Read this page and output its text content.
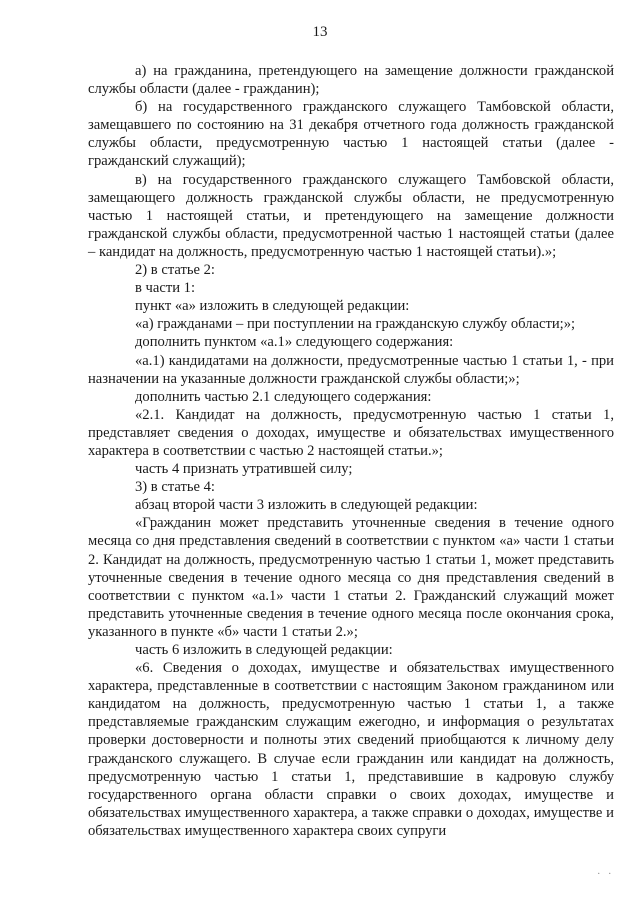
13

а) на гражданина, претендующего на замещение должности гражданской службы области (далее - гражданин);

б) на государственного гражданского служащего Тамбовской области, замещавшего по состоянию на 31 декабря отчетного года должность гражданской службы области, предусмотренную частью 1 настоящей статьи (далее - гражданский служащий);

в) на государственного гражданского служащего Тамбовской области, замещающего должность гражданской службы области, не предусмотренную частью 1 настоящей статьи, и претендующего на замещение должности гражданской службы области, предусмотренной частью 1 настоящей статьи (далее – кандидат на должность, предусмотренную частью 1 настоящей статьи).»;

2) в статье 2:

в части 1:

пункт «а» изложить в следующей редакции:

«а) гражданами – при поступлении на гражданскую службу области;»;

дополнить пунктом «а.1» следующего содержания:

«а.1) кандидатами на должности, предусмотренные частью 1 статьи 1, - при назначении на указанные должности гражданской службы области;»;

дополнить частью 2.1 следующего содержания:

«2.1. Кандидат на должность, предусмотренную частью 1 статьи 1, представляет сведения о доходах, имуществе и обязательствах имущественного характера в соответствии с частью 2 настоящей статьи.»;

часть 4 признать утратившей силу;

3) в статье 4:

абзац второй части 3 изложить в следующей редакции:

«Гражданин может представить уточненные сведения в течение одного месяца со дня представления сведений в соответствии с пунктом «а» части 1 статьи 2. Кандидат на должность, предусмотренную частью 1 статьи 1, может представить уточненные сведения в течение одного месяца со дня представления сведений в соответствии с пунктом «а.1» части 1 статьи 2. Гражданский служащий может представить уточненные сведения в течение одного месяца после окончания срока, указанного в пункте «б» части 1 статьи 2.»;

часть 6 изложить в следующей редакции:

«6. Сведения о доходах, имуществе и обязательствах имущественного характера, представленные в соответствии с настоящим Законом гражданином или кандидатом на должность, предусмотренную частью 1 статьи 1, а также представляемые гражданским служащим ежегодно, и информация о результатах проверки достоверности и полноты этих сведений приобщаются к личному делу гражданского служащего. В случае если гражданин или кандидат на должность, предусмотренную частью 1 статьи 1, представившие в кадровую службу государственного органа области справки о своих доходах, имуществе и обязательствах имущественного характера, а также справки о доходах, имуществе и обязательствах имущественного характера своих супруги

. .
